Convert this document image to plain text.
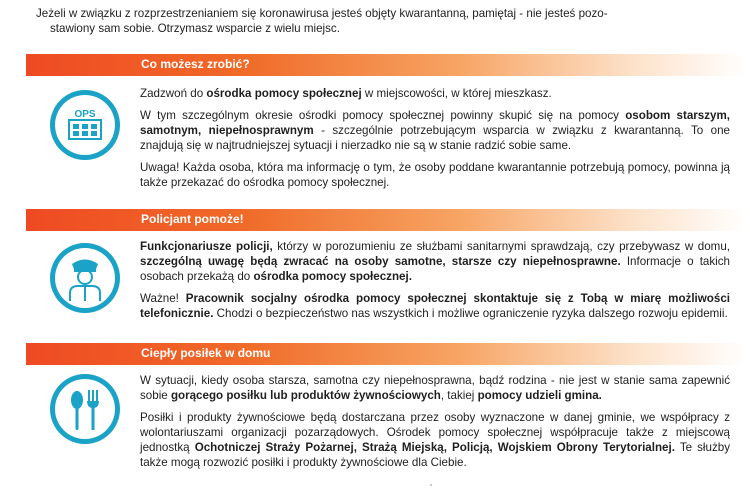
Jeżeli w związku z rozprzestrzenianiem się koronawirusa jesteś objęty kwarantanną, pamiętaj - nie jesteś pozo-

stawiony sam sobie. Otrzymasz wsparcie z wielu miejsc.

Co możesz zrobić?
OPS

Zadzwoń do ośrodka pomocy społecznej w miejscowości, w której mieszkasz.

W tym szczególnym okresie ośrodki pomocy społecznej powinny skupić się na pomocy osobom starszym, samotnym, niepełnosprawnym - szczególnie potrzebującym wsparcia w związku z kwarantanną. To one znajdują się w najtrudniejszej sytuacji i nierzadko nie są w stanie radzić sobie same.

Uwaga! Każda osoba, która ma informację o tym, że osoby poddane kwarantannie potrzebują pomocy, powinna ją także przekazać do ośrodka pomocy społecznej.

Policjant pomoże!

Funkcjonariusze policji, którzy w porozumieniu ze służbami sanitarnymi sprawdzają, czy przebywasz w domu, szczególną uwagę będą zwracać na osoby samotne, starsze czy niepełnosprawne. Informacje o takich osobach przekażą do ośrodka pomocy społecznej.

Ważne! Pracownik socjalny ośrodka pomocy społecznej skontaktuje się z Tobą w miarę możliwości telefonicznie. Chodzi o bezpieczeństwo nas wszystkich i możliwe ograniczenie ryzyka dalszego rozwoju epidemii.

Ciepły posiłek w domu

W sytuacji, kiedy osoba starsza, samotna czy niepełnosprawna, bądź rodzina - nie jest w stanie sama zapewnić sobie gorącego posiłku lub produktów żywnościowych, takiej pomocy udzieli gmina.

Posiłki i produkty żywnościowe będą dostarczana przez osoby wyznaczone w danej gminie, we współpracy z wolontariuszami organizacji pozarządowych. Ośrodek pomocy społecznej współpracuje także z miejscową jednostką Ochotniczej Straży Pożarnej, Strażą Miejską, Policją, Wojskiem Obrony Terytorialnej. Te służby także mogą rozwozić posiłki i produkty żywnościowe dla Ciebie.
